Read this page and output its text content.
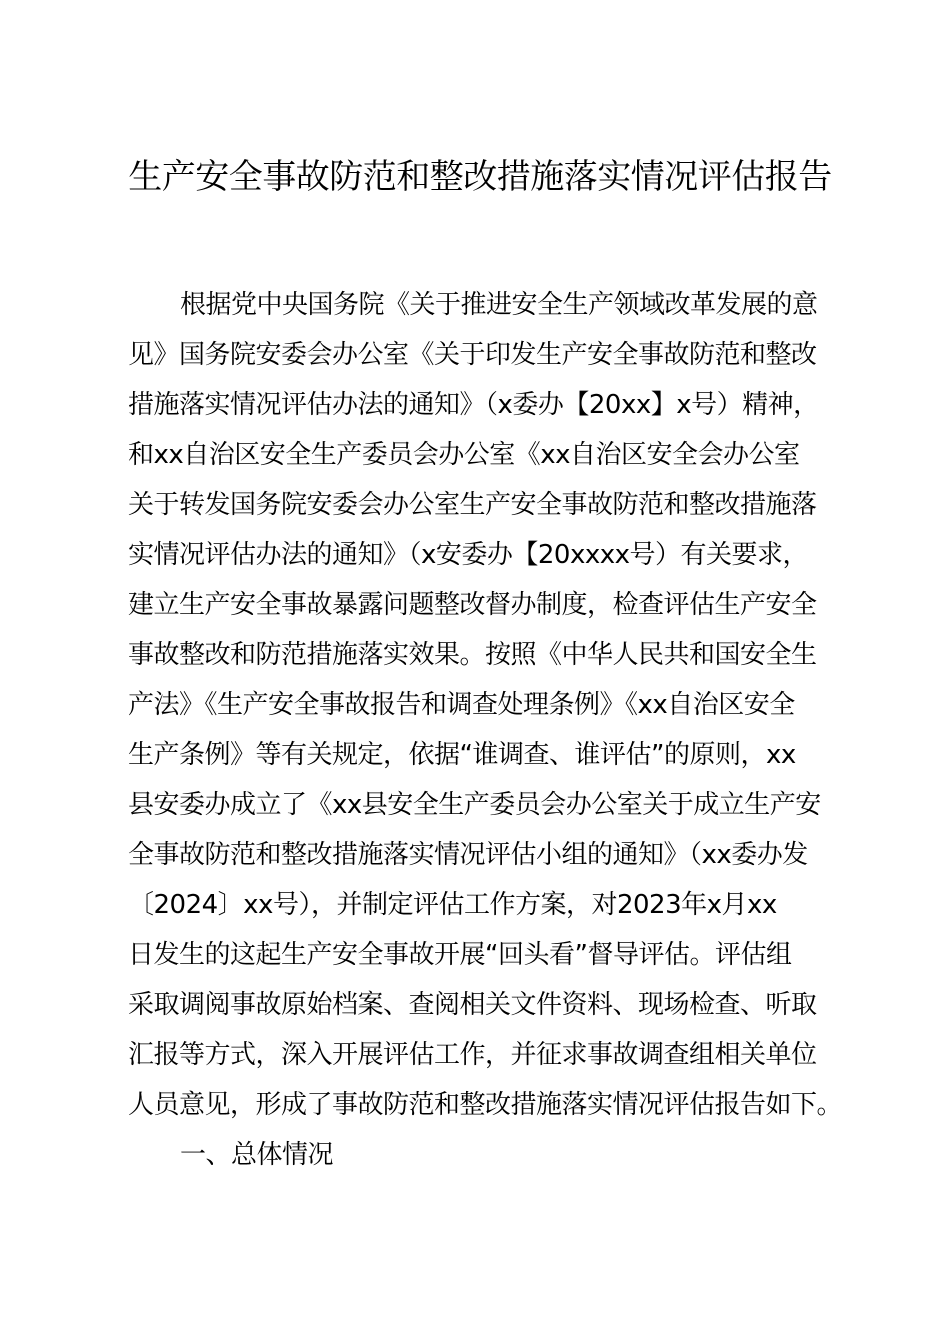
生产安全事故防范和整改措施落实情况评估报告

根据党中央国务院《关于推进安全生产领域改革发展的意

见》国务院安委会办公室《关于印发生产安全事故防范和整改

措施落实情况评估办法的通知》（x委办【20xx】x号）精神，

和xx自治区安全生产委员会办公室《xx自治区安全会办公室

关于转发国务院安委会办公室生产安全事故防范和整改措施落

实情况评估办法的通知》（x安委办【20xxxx号）有关要求，

建立生产安全事故暴露问题整改督办制度，检查评估生产安全

事故整改和防范措施落实效果。按照《中华人民共和国安全生

产法》《生产安全事故报告和调查处理条例》《xx自治区安全

生产条例》等有关规定，依据“谁调查、谁评估”的原则，xx

县安委办成立了《xx县安全生产委员会办公室关于成立生产安

全事故防范和整改措施落实情况评估小组的通知》（xx委办发

〔2024〕xx号），并制定评估工作方案，对2023年x月xx

日发生的这起生产安全事故开展“回头看”督导评估。评估组

采取调阅事故原始档案、查阅相关文件资料、现场检查、听取

汇报等方式，深入开展评估工作，并征求事故调查组相关单位

人员意见，形成了事故防范和整改措施落实情况评估报告如下。

一、总体情况
